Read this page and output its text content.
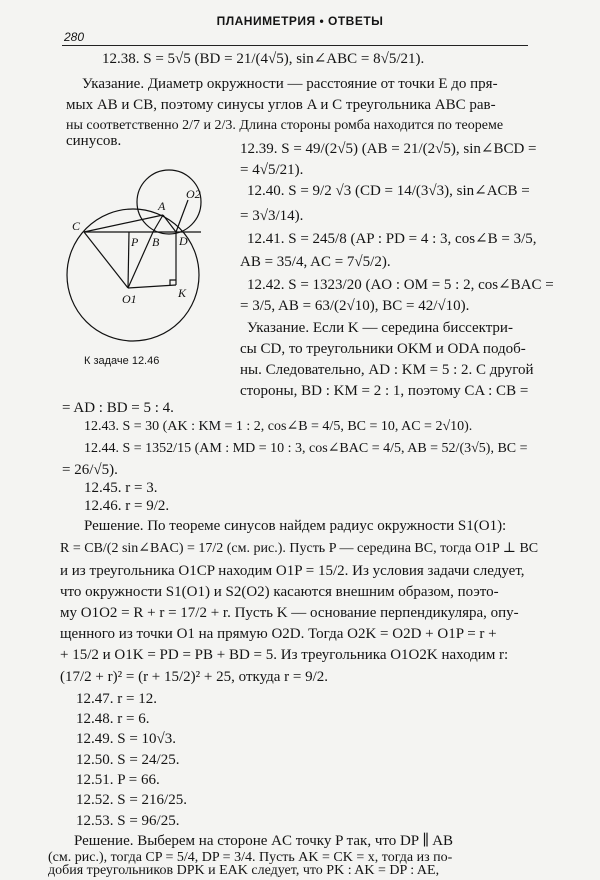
ПЛАНИМЕТРИЯ • ОТВЕТЫ
280
C
A
O2
P B D
O1	K
К задаче 12.46
12.38. S = 5√5 (BD = 21/(4√5), sin∠ABC = 8√5/21).
Указание. Диаметр окружности — расстояние от точки E до пря-
мых AB и CB, поэтому синусы углов A и C треугольника ABC рав-
ны соответственно 2/7 и 2/3. Длина стороны ромба находится по теореме
синусов.	12.39. S = 49/(2√5) (AB = 21/(2√5), sin∠BCD =
= 4√5/21).
12.40. S = 9/2 √3 (CD = 14/(3√3), sin∠ACB =
= 3√3/14).
12.41. S = 245/8 (AP : PD = 4 : 3, cos∠B = 3/5,
AB = 35/4, AC = 7√5/2).
12.42. S = 1323/20 (AO : OM = 5 : 2, cos∠BAC =
= 3/5, AB = 63/(2√10), BC = 42/√10).
Указание. Если K — середина биссектри-
сы CD, то треугольники OKM и ODA подоб-
ны. Следовательно, AD : KM = 5 : 2. С другой
стороны, BD : KM = 2 : 1, поэтому CA : CB =
= AD : BD = 5 : 4.
12.43. S = 30 (AK : KM = 1 : 2, cos∠B = 4/5, BC = 10, AC = 2√10).
12.44. S = 1352/15 (AM : MD = 10 : 3, cos∠BAC = 4/5, AB = 52/(3√5), BC =
= 26/√5).
12.45. r = 3.
12.46. r = 9/2.
Решение. По теореме синусов найдем радиус окружности S1(O1):
R = CB/(2 sin∠BAC) = 17/2 (см. рис.). Пусть P — середина BC, тогда O1P ⊥ BC
и из треугольника O1CP находим O1P = 15/2. Из условия задачи следует,
что окружности S1(O1) и S2(O2) касаются внешним образом, поэто-
му O1O2 = R + r = 17/2 + r. Пусть K — основание перпендикуляра, опу-
щенного из точки O1 на прямую O2D. Тогда O2K = O2D + O1P = r +
+ 15/2 и O1K = PD = PB + BD = 5. Из треугольника O1O2K находим r:
(17/2 + r)² = (r + 15/2)² + 25, откуда r = 9/2.
12.47. r = 12.
12.48. r = 6.
12.49. S = 10√3.
12.50. S = 24/25.
12.51. P = 66.
12.52. S = 216/25.
12.53. S = 96/25.
Решение. Выберем на стороне AC точку P так, что DP ∥ AB
(см. рис.), тогда CP = 5/4, DP = 3/4. Пусть AK = CK = x, тогда из по-
добия треугольников DPK и EAK следует, что PK : AK = DP : AE,
